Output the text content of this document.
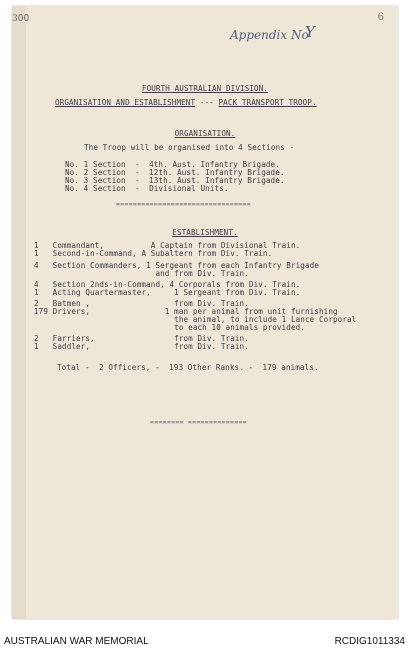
300	6
Appendix No
Y
FOURTH AUSTRALIAN DIVISION.
ORGANISATION AND ESTABLISHMENT --- PACK TRANSPORT TROOP.
ORGANISATION.
The Troop will be organised into 4 Sections -
No. 1 Section  -  4th. Aust. Infantry Brigade.
No. 2 Section  -  12th. Aust. Infantry Brigade.
No. 3 Section  -  13th. Aust. Infantry Brigade.
No. 4 Section  -  Divisional Units.
================================
ESTABLISHMENT.
1   Commandant,          A Captain from Divisional Train.
1   Second-in-Command, A Subaltern from Div. Train.
4   Section Commanders, 1 Sergeant from each Infantry Brigade
and from Div. Train.
4   Section 2nds-in-Command, 4 Corporals from Div. Train.
1   Acting Quartermaster,     1 Sergeant from Div. Train.
2   Batmen ,                  from Div. Train.
179 Drivers,                1 man per animal from unit furnishing
the animal, to include 1 Lance Corporal
to each 10 animals provided.
2   Farriers,                 from Div. Train.
1   Saddler,                  from Div. Train.
Total -  2 Officers, -  193 Other Ranks. -  179 animals.
======== ==============
AUSTRALIAN WAR MEMORIAL	RCDIG1011334
